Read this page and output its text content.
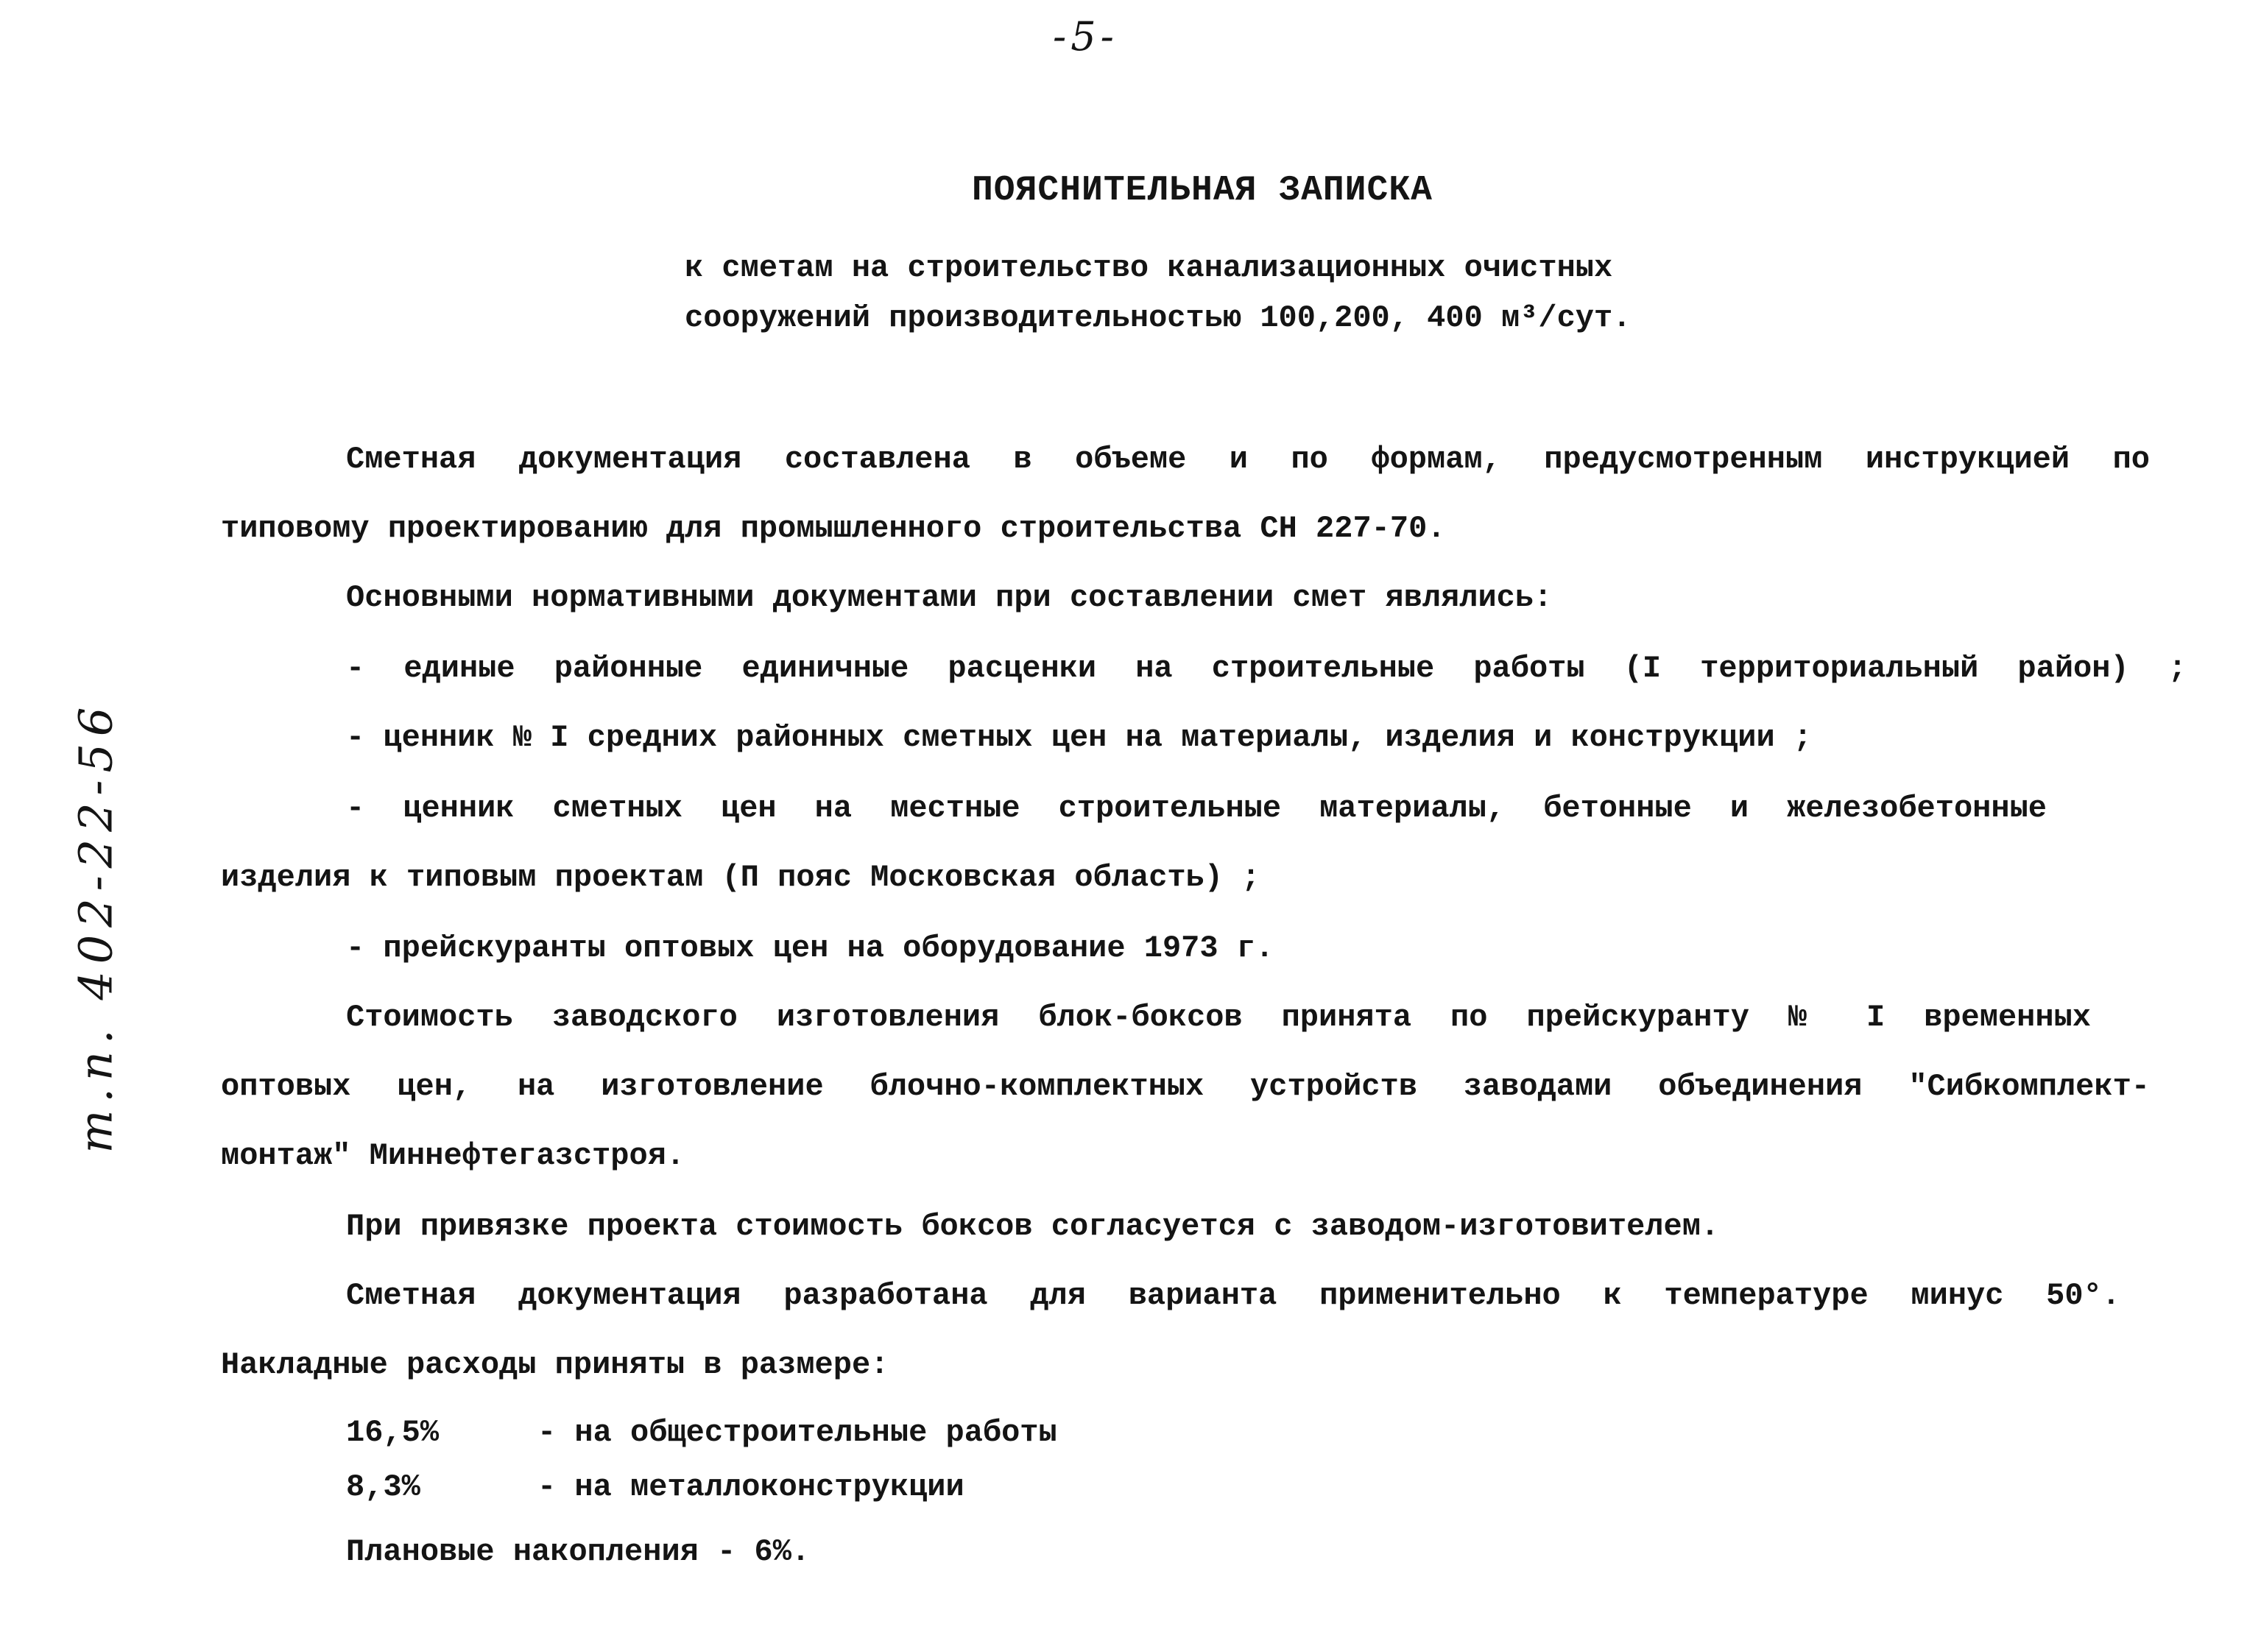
-5-
т.п. 402-22-56
ПОЯСНИТЕЛЬНАЯ ЗАПИСКА
к сметам на строительство канализационных очистных
сооружений производительностью 100,200, 400 м³/сут.
Сметная документация составлена в объеме и по формам, предусмотренным инструкцией по
типовому проектированию для промышленного строительства СН 227-70.
Основными нормативными документами при составлении смет являлись:
- единые районные единичные расценки на строительные работы (I территориальный район) ;
- ценник № I средних районных сметных цен на материалы, изделия и конструкции ;
- ценник сметных цен на местные строительные материалы, бетонные и железобетонные
изделия к типовым проектам (П пояс Московская область) ;
- прейскуранты оптовых цен на оборудование 1973 г.
Стоимость заводского изготовления блок-боксов принята по прейскуранту № I временных
оптовых цен, на изготовление блочно-комплектных устройств заводами объединения "Сибкомплект-
монтаж" Миннефтегазстроя.
При привязке проекта стоимость боксов согласуется с заводом-изготовителем.
Сметная документация разработана для варианта применительно к температуре минус 50°.
Накладные расходы приняты в размере:
16,5%	- на общестроительные работы
8,3%	- на металлоконструкции
Плановые накопления - 6%.
